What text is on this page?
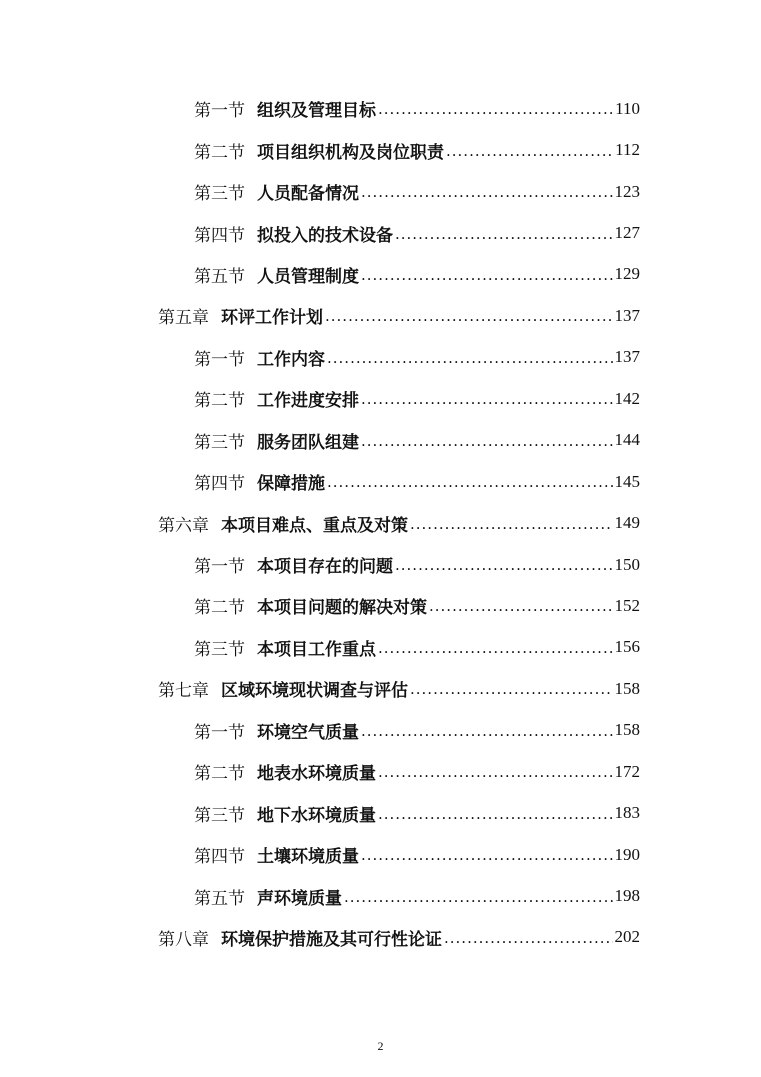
第一节 组织及管理目标 .....	110
第二节 项目组织机构及岗位职责 .....	112
第三节 人员配备情况 .....	123
第四节 拟投入的技术设备 .....	127
第五节 人员管理制度 .....	129
第五章 环评工作计划 .....	137
第一节 工作内容 .....	137
第二节 工作进度安排 .....	142
第三节 服务团队组建 .....	144
第四节 保障措施 .....	145
第六章 本项目难点、重点及对策 .....	149
第一节 本项目存在的问题 .....	150
第二节 本项目问题的解决对策 .....	152
第三节 本项目工作重点 .....	156
第七章 区域环境现状调查与评估 .....	158
第一节 环境空气质量 .....	158
第二节 地表水环境质量 .....	172
第三节 地下水环境质量 .....	183
第四节 土壤环境质量 .....	190
第五节 声环境质量 .....	198
第八章 环境保护措施及其可行性论证 .....	202
2
